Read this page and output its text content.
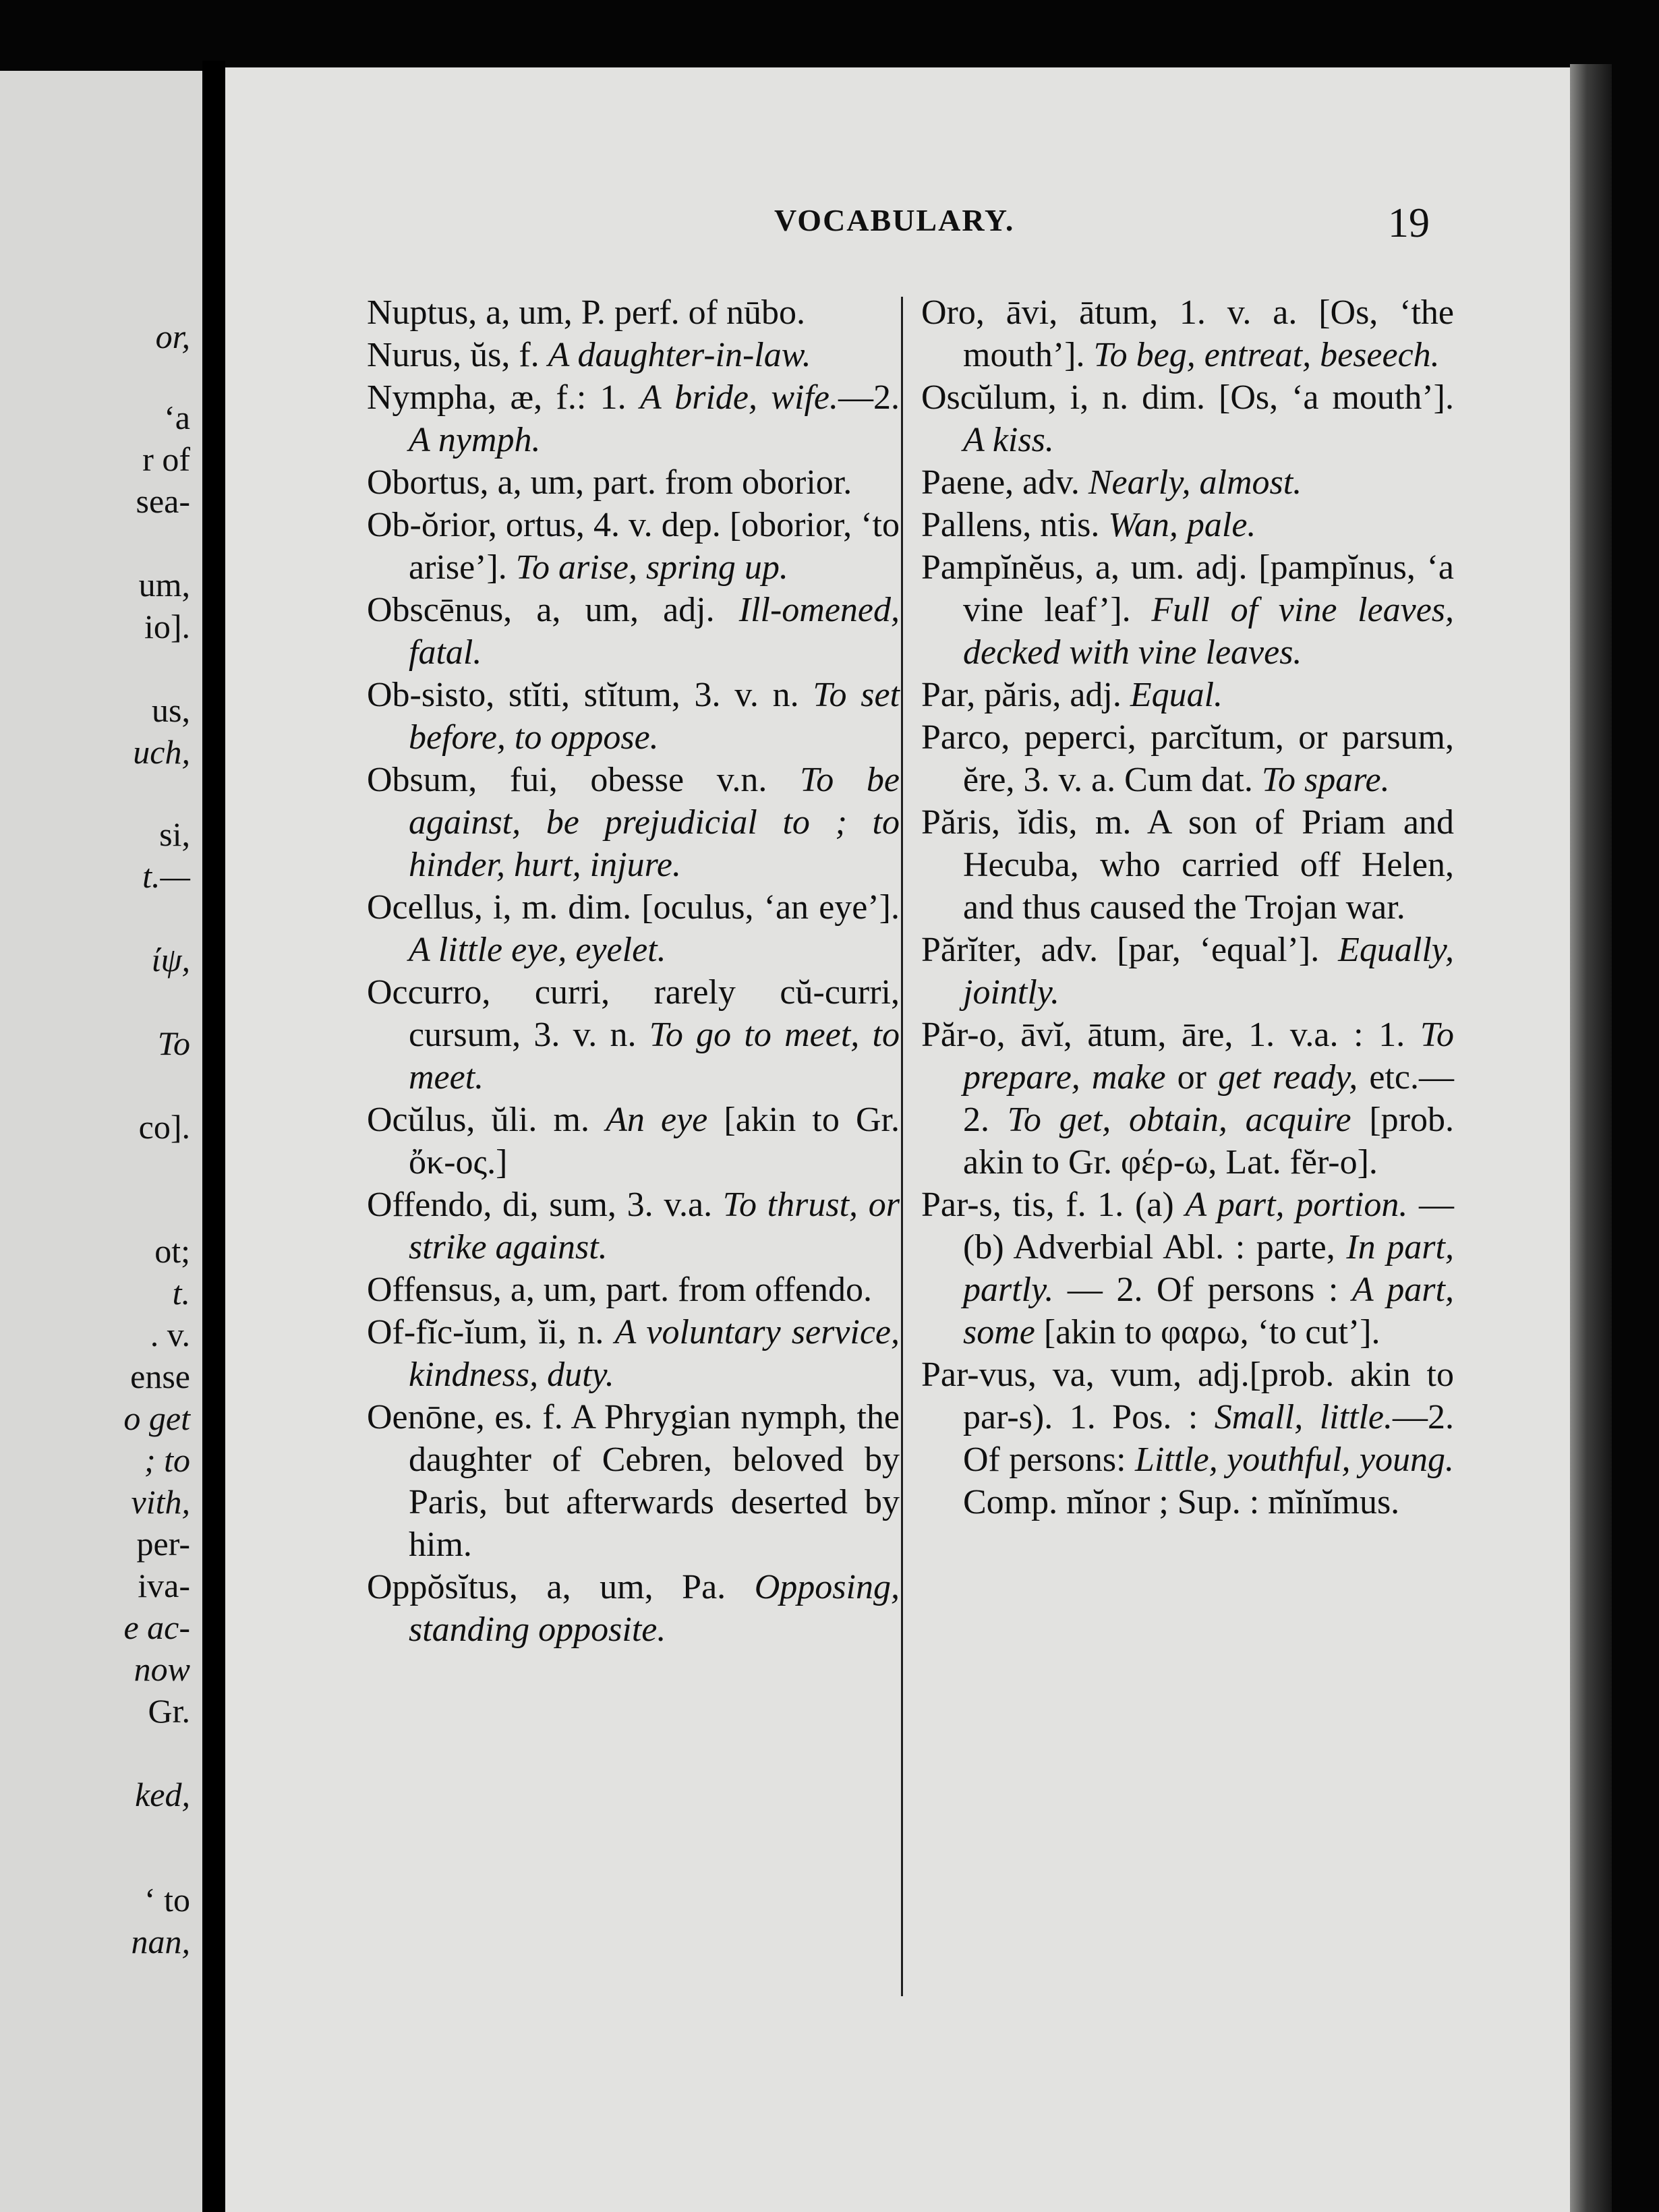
or,
‘a
r of
sea-
um,
io].
us,
uch,
si,
t.—
ίψ,
To
co].
ot;
t.
. v.
ense
o get
; to
vith,
per-
iva-
e ac-
now
Gr.
ked,
‘ to
nan,
VOCABULARY.	19

Nuptus, a, um, P. perf. of nūbo.

Nurus, ŭs, f. A daughter-in-law.

Nympha, æ, f.: 1. A bride, wife.—2. A nymph.

Obortus, a, um, part. from oborior.

Ob-ŏrior, ortus, 4. v. dep. [oborior, ‘to arise’]. To arise, spring up.

Obscēnus, a, um, adj. Ill-omened, fatal.

Ob-sisto, stĭti, stĭtum, 3. v. n. To set before, to oppose.

Obsum, fui, obesse v.n. To be against, be prejudicial to ; to hinder, hurt, injure.

Ocellus, i, m. dim. [oculus, ‘an eye’]. A little eye, eyelet.

Occurro, curri, rarely cŭ-curri, cursum, 3. v. n. To go to meet, to meet.

Ocŭlus, ŭli. m. An eye [akin to Gr. ὄκ-ος.]

Offendo, di, sum, 3. v.a. To thrust, or strike against.

Offensus, a, um, part. from offendo.

Of-fĭc-ĭum, ĭi, n. A voluntary service, kindness, duty.

Oenōne, es. f. A Phrygian nymph, the daughter of Cebren, beloved by Paris, but afterwards deserted by him.

Oppŏsĭtus, a, um, Pa. Opposing, standing opposite.

Oro, āvi, ātum, 1. v. a. [Os, ‘the mouth’]. To beg, entreat, beseech.

Oscŭlum, i, n. dim. [Os, ‘a mouth’]. A kiss.

Paene, adv. Nearly, almost.

Pallens, ntis. Wan, pale.

Pampĭnĕus, a, um. adj. [pampĭnus, ‘a vine leaf’]. Full of vine leaves, decked with vine leaves.

Par, păris, adj. Equal.

Parco, peperci, parcĭtum, or parsum, ĕre, 3. v. a. Cum dat. To spare.

Păris, ĭdis, m. A son of Priam and Hecuba, who carried off Helen, and thus caused the Trojan war.

Părĭter, adv. [par, ‘equal’]. Equally, jointly.

Păr-o, āvĭ, ātum, āre, 1. v.a. : 1. To prepare, make or get ready, etc.—2. To get, obtain, acquire [prob. akin to Gr. φέρ-ω, Lat. fĕr-o].

Par-s, tis, f. 1. (a) A part, portion. — (b) Adverbial Abl. : parte, In part, partly. — 2. Of persons : A part, some [akin to φαρω, ‘to cut’].

Par-vus, va, vum, adj.[prob. akin to par-s). 1. Pos. : Small, little.—2. Of persons: Little, youthful, young. Comp. mĭnor ; Sup. : mĭnĭmus.
